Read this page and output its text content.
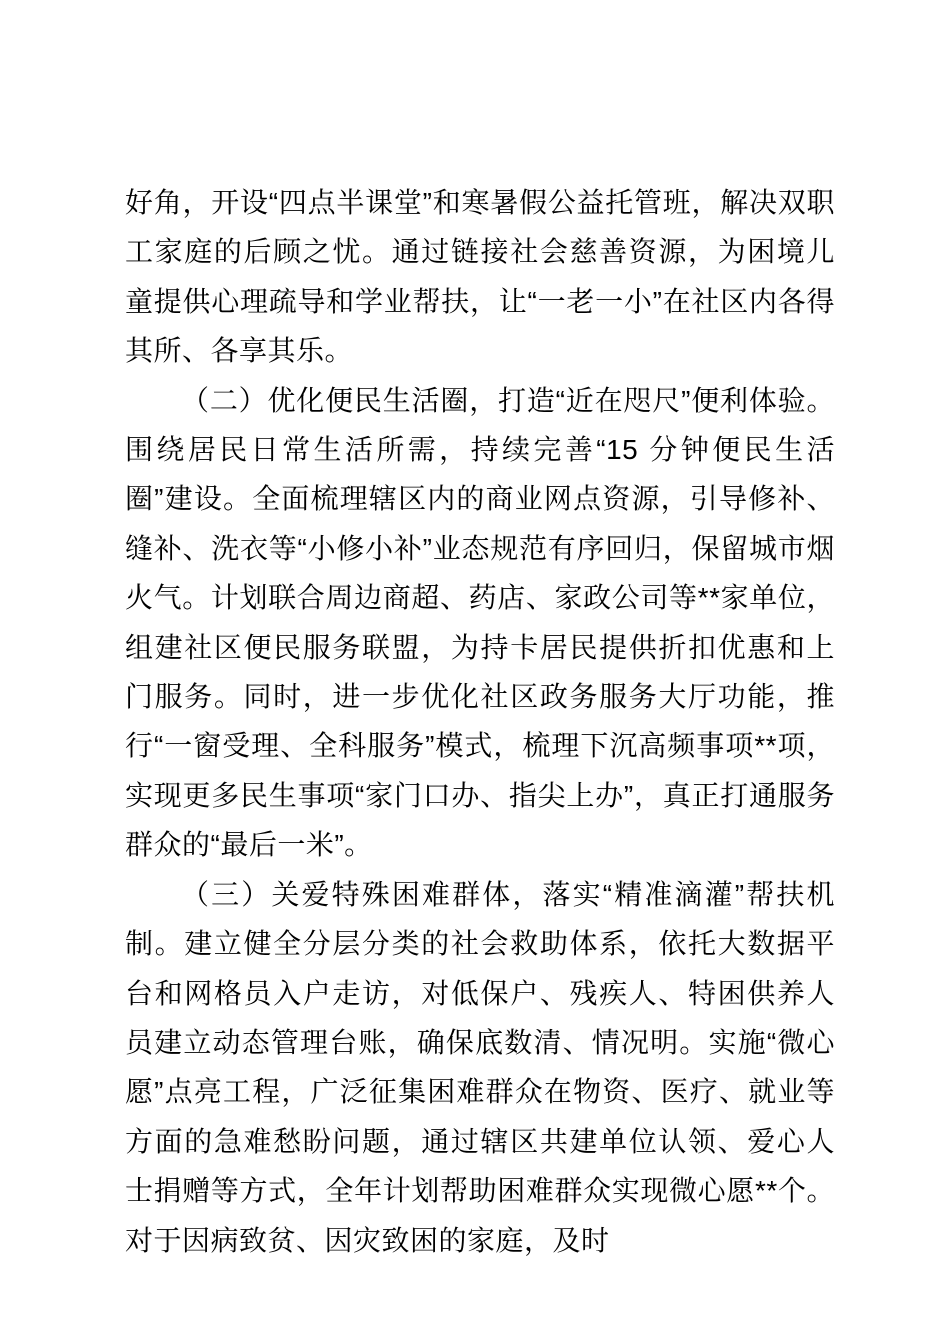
好角，开设“四点半课堂”和寒暑假公益托管班，解决双职工家庭的后顾之忧。通过链接社会慈善资源，为困境儿童提供心理疏导和学业帮扶，让“一老一小”在社区内各得其所、各享其乐。

（二）优化便民生活圈，打造“近在咫尺”便利体验。围绕居民日常生活所需，持续完善“15 分钟便民生活圈”建设。全面梳理辖区内的商业网点资源，引导修补、缝补、洗衣等“小修小补”业态规范有序回归，保留城市烟火气。计划联合周边商超、药店、家政公司等**家单位，组建社区便民服务联盟，为持卡居民提供折扣优惠和上门服务。同时，进一步优化社区政务服务大厅功能，推行“一窗受理、全科服务”模式，梳理下沉高频事项**项，实现更多民生事项“家门口办、指尖上办”，真正打通服务群众的“最后一米”。

（三）关爱特殊困难群体，落实“精准滴灌”帮扶机制。建立健全分层分类的社会救助体系，依托大数据平台和网格员入户走访，对低保户、残疾人、特困供养人员建立动态管理台账，确保底数清、情况明。实施“微心愿”点亮工程，广泛征集困难群众在物资、医疗、就业等方面的急难愁盼问题，通过辖区共建单位认领、爱心人士捐赠等方式，全年计划帮助困难群众实现微心愿**个。对于因病致贫、因灾致困的家庭，及时
